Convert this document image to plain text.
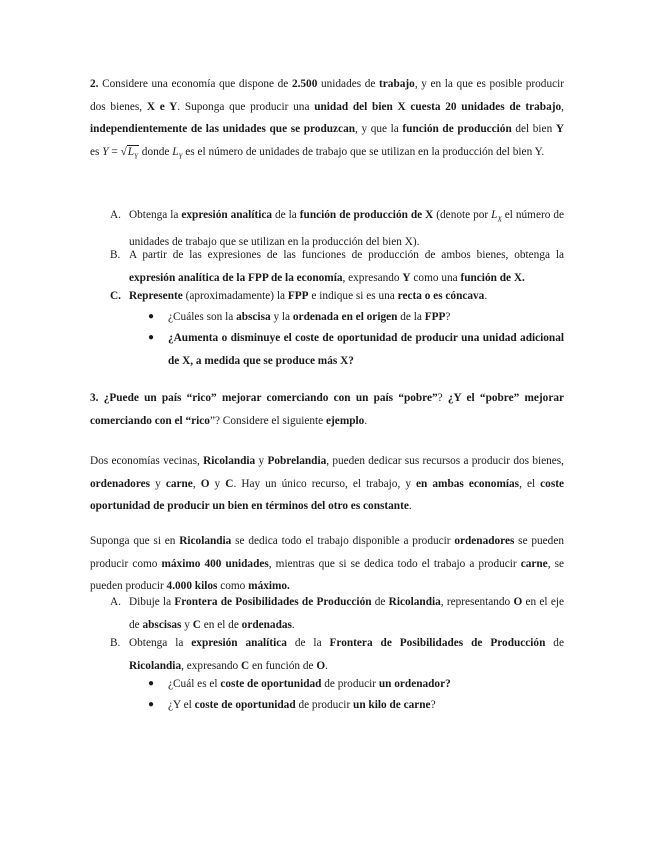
2. Considere una economía que dispone de 2.500 unidades de trabajo, y en la que es posible producir dos bienes, X e Y. Suponga que producir una unidad del bien X cuesta 20 unidades de trabajo, independientemente de las unidades que se produzcan, y que la función de producción del bien Y es $Y = √L_Y$ donde $L_Y$ es el número de unidades de trabajo que se utilizan en la producción del bien Y.

A. Obtenga la expresión analítica de la función de producción de X (denote por $L_X$ el número de unidades de trabajo que se utilizan en la producción del bien X).
B. A partir de las expresiones de las funciones de producción de ambos bienes, obtenga la expresión analítica de la FPP de la economía, expresando Y como una función de X.
C. Represente (aproximadamente) la FPP e indique si es una recta o es cóncava.
● ¿Cuáles son la abscisa y la ordenada en el origen de la FPP?
● ¿Aumenta o disminuye el coste de oportunidad de producir una unidad adicional de X, a medida que se produce más X?

3. ¿Puede un país “rico” mejorar comerciando con un país “pobre”? ¿Y el “pobre” mejorar comerciando con el “rico”? Considere el siguiente ejemplo.

Dos economías vecinas, Ricolandia y Pobrelandia, pueden dedicar sus recursos a producir dos bienes, ordenadores y carne, O y C. Hay un único recurso, el trabajo, y en ambas economías, el coste oportunidad de producir un bien en términos del otro es constante.

Suponga que si en Ricolandia se dedica todo el trabajo disponible a producir ordenadores se pueden producir como máximo 400 unidades, mientras que si se dedica todo el trabajo a producir carne, se pueden producir 4.000 kilos como máximo.

A. Dibuje la Frontera de Posibilidades de Producción de Ricolandia, representando O en el eje de abscisas y C en el de ordenadas.
B. Obtenga la expresión analítica de la Frontera de Posibilidades de Producción de Ricolandia, expresando C en función de O.
● ¿Cuál es el coste de oportunidad de producir un ordenador?
● ¿Y el coste de oportunidad de producir un kilo de carne?
